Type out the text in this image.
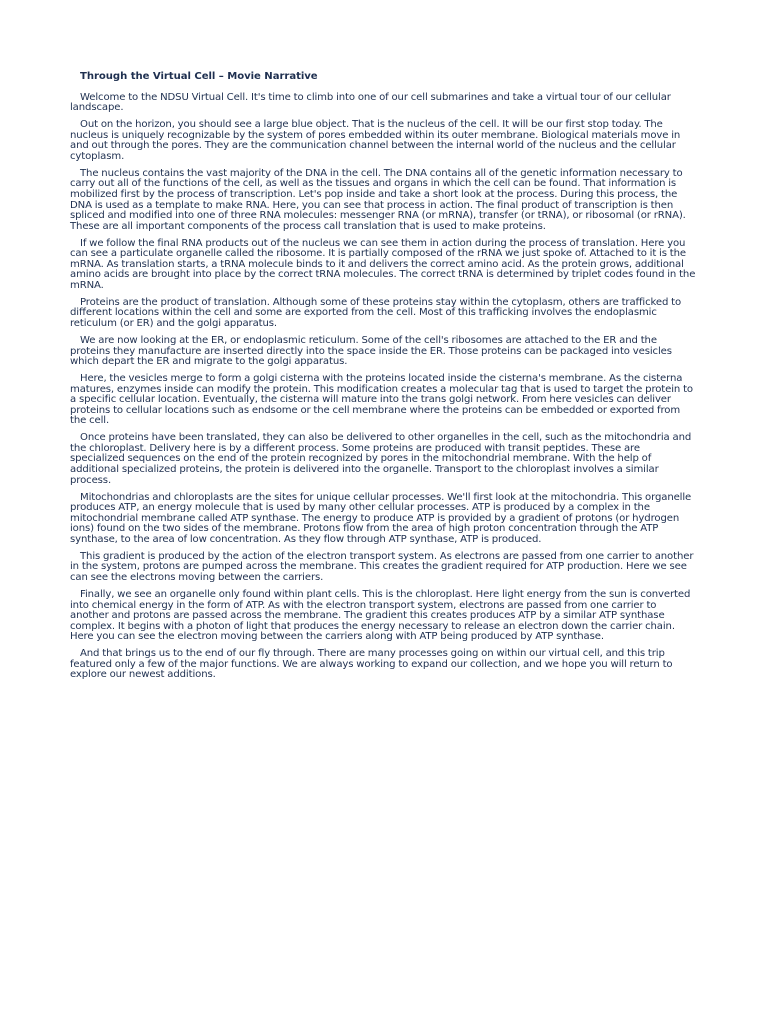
Through the Virtual Cell – Movie Narrative

Welcome to the NDSU Virtual Cell. It's time to climb into one of our cell submarines and take a virtual tour of our cellular landscape.

Out on the horizon, you should see a large blue object. That is the nucleus of the cell. It will be our first stop today. The nucleus is uniquely recognizable by the system of pores embedded within its outer membrane. Biological materials move in and out through the pores. They are the communication channel between the internal world of the nucleus and the cellular cytoplasm.

The nucleus contains the vast majority of the DNA in the cell. The DNA contains all of the genetic information necessary to carry out all of the functions of the cell, as well as the tissues and organs in which the cell can be found. That information is mobilized first by the process of transcription. Let's pop inside and take a short look at the process. During this process, the DNA is used as a template to make RNA. Here, you can see that process in action. The final product of transcription is then spliced and modified into one of three RNA molecules: messenger RNA (or mRNA), transfer (or tRNA), or ribosomal (or rRNA). These are all important components of the process call translation that is used to make proteins.

If we follow the final RNA products out of the nucleus we can see them in action during the process of translation. Here you can see a particulate organelle called the ribosome. It is partially composed of the rRNA we just spoke of. Attached to it is the mRNA. As translation starts, a tRNA molecule binds to it and delivers the correct amino acid. As the protein grows, additional amino acids are brought into place by the correct tRNA molecules. The correct tRNA is determined by triplet codes found in the mRNA.

Proteins are the product of translation. Although some of these proteins stay within the cytoplasm, others are trafficked to different locations within the cell and some are exported from the cell. Most of this trafficking involves the endoplasmic reticulum (or ER) and the golgi apparatus.

We are now looking at the ER, or endoplasmic reticulum. Some of the cell's ribosomes are attached to the ER and the proteins they manufacture are inserted directly into the space inside the ER. Those proteins can be packaged into vesicles which depart the ER and migrate to the golgi apparatus.

Here, the vesicles merge to form a golgi cisterna with the proteins located inside the cisterna's membrane. As the cisterna matures, enzymes inside can modify the protein. This modification creates a molecular tag that is used to target the protein to a specific cellular location. Eventually, the cisterna will mature into the trans golgi network. From here vesicles can deliver proteins to cellular locations such as endsome or the cell membrane where the proteins can be embedded or exported from the cell.

Once proteins have been translated, they can also be delivered to other organelles in the cell, such as the mitochondria and the chloroplast. Delivery here is by a different process. Some proteins are produced with transit peptides. These are specialized sequences on the end of the protein recognized by pores in the mitochondrial membrane. With the help of additional specialized proteins, the protein is delivered into the organelle. Transport to the chloroplast involves a similar process.

Mitochondrias and chloroplasts are the sites for unique cellular processes. We'll first look at the mitochondria. This organelle produces ATP, an energy molecule that is used by many other cellular processes. ATP is produced by a complex in the mitochondrial membrane called ATP synthase. The energy to produce ATP is provided by a gradient of protons (or hydrogen ions) found on the two sides of the membrane. Protons flow from the area of high proton concentration through the ATP synthase, to the area of low concentration. As they flow through ATP synthase, ATP is produced.

This gradient is produced by the action of the electron transport system. As electrons are passed from one carrier to another in the system, protons are pumped across the membrane. This creates the gradient required for ATP production. Here we see can see the electrons moving between the carriers.

Finally, we see an organelle only found within plant cells. This is the chloroplast. Here light energy from the sun is converted into chemical energy in the form of ATP. As with the electron transport system, electrons are passed from one carrier to another and protons are passed across the membrane. The gradient this creates produces ATP by a similar ATP synthase complex. It begins with a photon of light that produces the energy necessary to release an electron down the carrier chain. Here you can see the electron moving between the carriers along with ATP being produced by ATP synthase.

And that brings us to the end of our fly through. There are many processes going on within our virtual cell, and this trip featured only a few of the major functions. We are always working to expand our collection, and we hope you will return to explore our newest additions.
